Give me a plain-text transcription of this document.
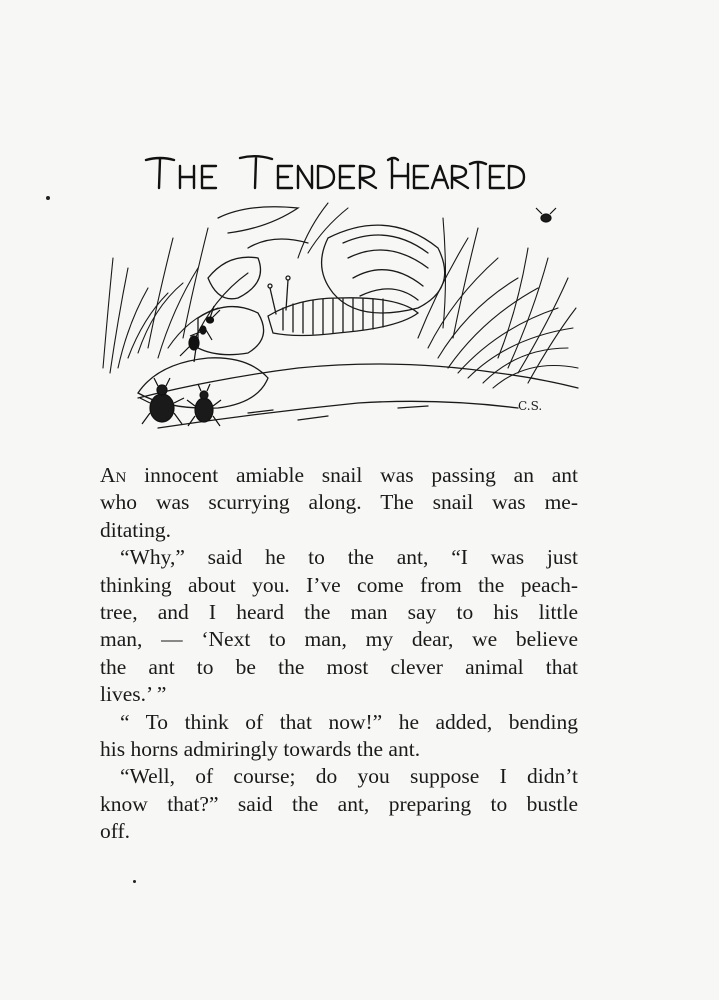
C.S.
An innocent amiable snail was passing an ant
who was scurrying along. The snail was me-
ditating.
“Why,” said he to the ant, “I was just
thinking about you. I’ve come from the peach-
tree, and I heard the man say to his little
man, — ‘Next to man, my dear, we believe
the ant to be the most clever animal that
lives.’ ”
“ To think of that now!” he added, bending
his horns admiringly towards the ant.
“Well, of course; do you suppose I didn’t
know that?” said the ant, preparing to bustle
off.
